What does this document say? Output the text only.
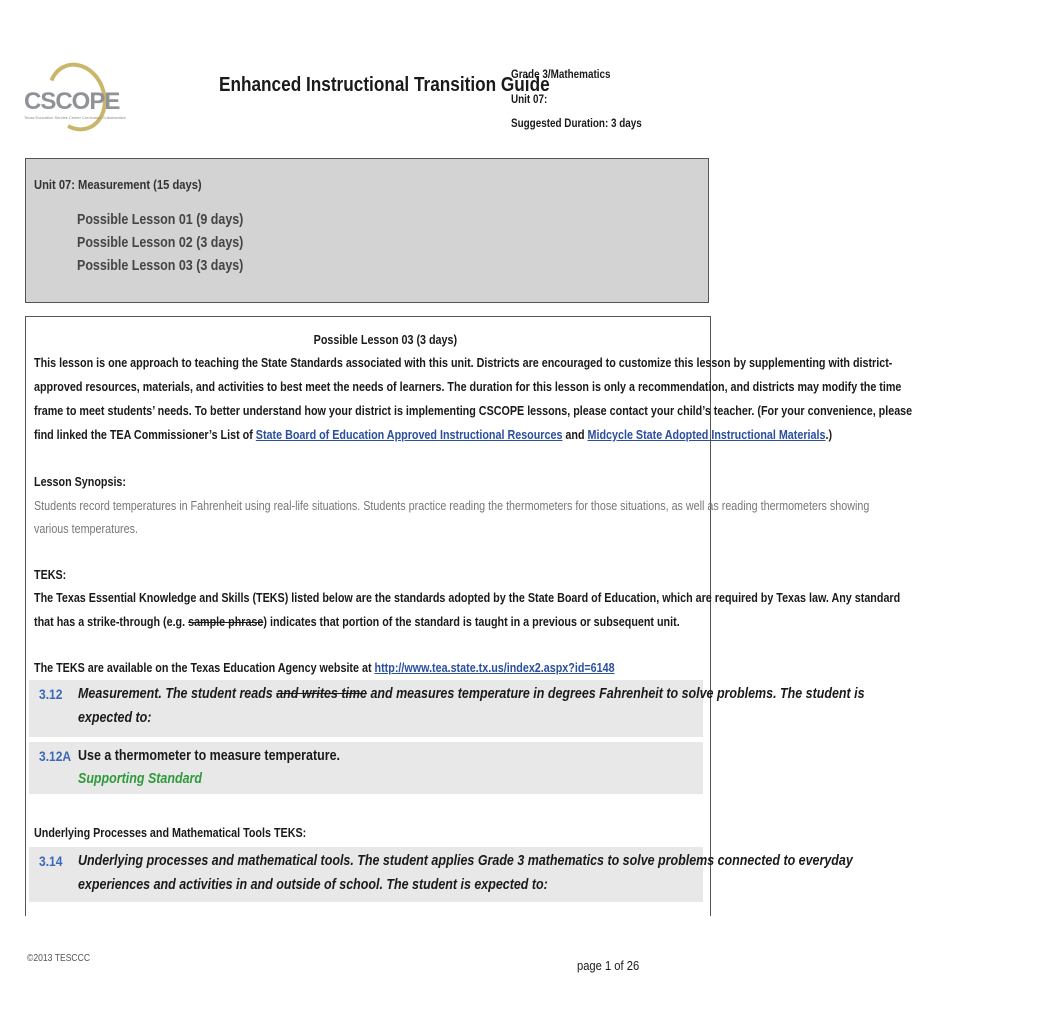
CSCOPE
Texas Education Service Center Curriculum Collaborative
Enhanced Instructional Transition Guide
Grade 3/Mathematics
Unit 07:
Suggested Duration: 3 days
Unit 07: Measurement (15 days)
Possible Lesson 01 (9 days)
Possible Lesson 02 (3 days)
Possible Lesson 03 (3 days)
Possible Lesson 03 (3 days)
This lesson is one approach to teaching the State Standards associated with this unit. Districts are encouraged to customize this lesson by supplementing with district-
approved resources, materials, and activities to best meet the needs of learners. The duration for this lesson is only a recommendation, and districts may modify the time
frame to meet students’ needs. To better understand how your district is implementing CSCOPE lessons, please contact your child’s teacher. (For your convenience, please
find linked the TEA Commissioner’s List of State Board of Education Approved Instructional Resources and Midcycle State Adopted Instructional Materials.)
Lesson Synopsis:
Students record temperatures in Fahrenheit using real-life situations. Students practice reading the thermometers for those situations, as well as reading thermometers showing
various temperatures.
TEKS:
The Texas Essential Knowledge and Skills (TEKS) listed below are the standards adopted by the State Board of Education, which are required by Texas law. Any standard
that has a strike-through (e.g. sample phrase) indicates that portion of the standard is taught in a previous or subsequent unit.
The TEKS are available on the Texas Education Agency website at http://www.tea.state.tx.us/index2.aspx?id=6148
3.12 Measurement. The student reads and writes time and measures temperature in degrees Fahrenheit to solve problems. The student is
expected to:
3.12A Use a thermometer to measure temperature.
Supporting Standard
Underlying Processes and Mathematical Tools TEKS:
3.14 Underlying processes and mathematical tools. The student applies Grade 3 mathematics to solve problems connected to everyday
experiences and activities in and outside of school. The student is expected to:
©2013 TESCCC	page 1 of 26
